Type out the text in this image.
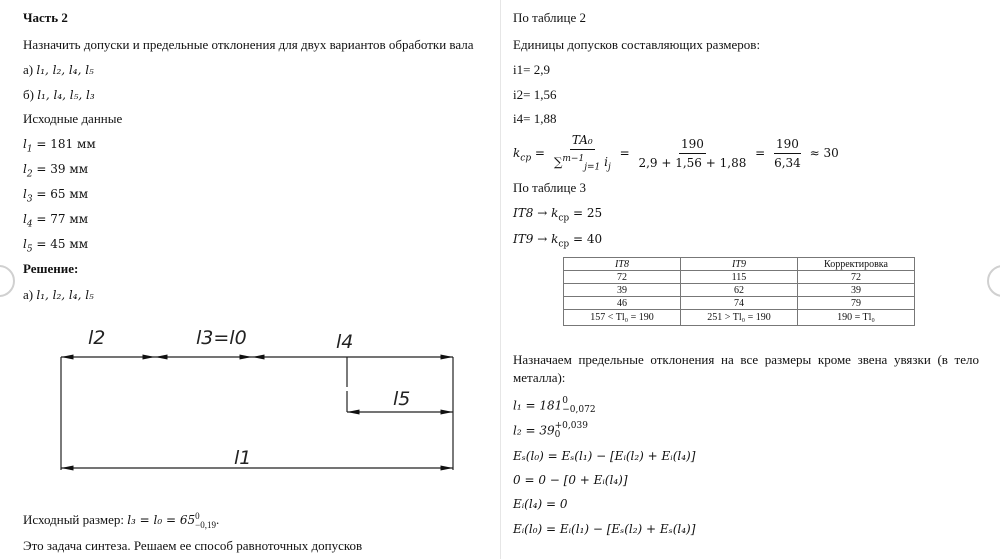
Часть 2
Назначить допуски и предельные отклонения для двух вариантов обработки вала
а) l₁, l₂, l₄, l₅
б) l₁, l₄, l₅, l₃
Исходные данные
$l_1 = 181$ мм
$l_2 = 39$ мм
$l_3 = 65$ мм
$l_4 = 77$ мм
$l_5 = 45$ мм
Решение:
а) l₁, l₂, l₄, l₅
l2	l3=l0	l4
l5
l1
Исходный размер: l₃ = l₀ = 65 0
−0,19 .
Это задача синтеза. Решаем ее способ равноточных допусков
По таблице 2
Единицы допусков составляющих размеров:
i1= 2,9
i2= 1,56
i4= 1,88
$k_{cp} = \frac{\text{TA₀}}{\sum^{m-1}_{j=1} i_j} = \frac{190}{2,9 + 1,56 + 1,88} = \frac{190}{6,34} \approx 30$
По таблице 3
$IT8 \to k_{cp} = 25$
$IT9 \to k_{cp} = 40$
IT8	IT9	Корректировка
72	115	72
39	62	39
46	74	79
157 < Tl₀ = 190	251 > Tl₀ = 190	190 = Tl₀
Назначаем предельные отклонения на все размеры кроме звена увязки (в тело металла):
l₁ = 181 0
−0,072
l₂ = 39 +0,039
0
Eₛ(l₀) = Eₛ(l₁) − [Eᵢ(l₂) + Eᵢ(l₄)]
0 = 0 − [0 + Eᵢ(l₄)]
Eᵢ(l₄) = 0
Eᵢ(l₀) = Eᵢ(l₁) − [Eₛ(l₂) + Eₛ(l₄)]
